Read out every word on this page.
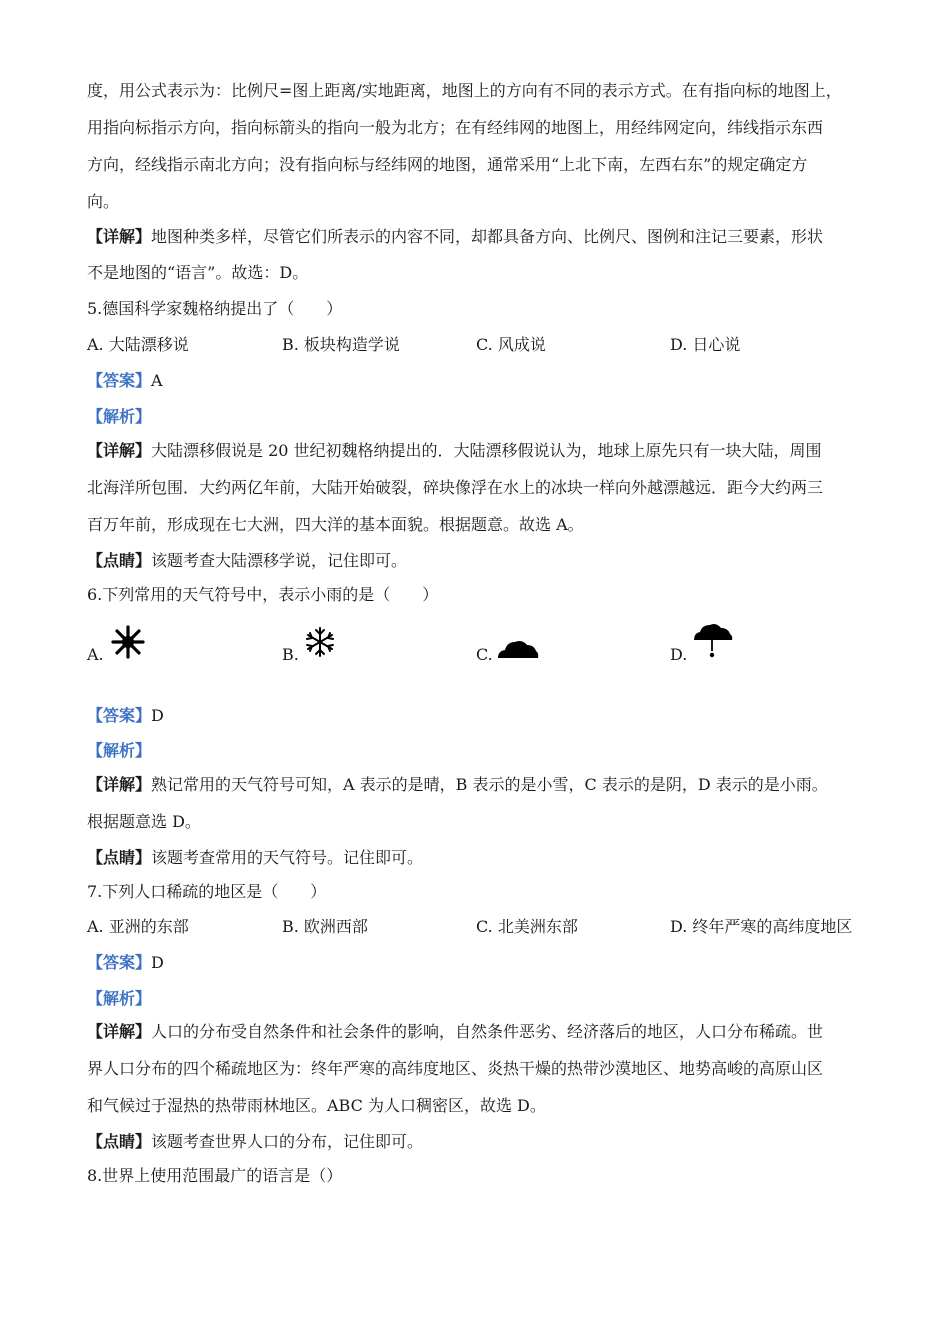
度，用公式表示为：比例尺=图上距离/实地距离，地图上的方向有不同的表示方式。在有指向标的地图上，
用指向标指示方向，指向标箭头的指向一般为北方；在有经纬网的地图上，用经纬网定向，纬线指示东西
方向，经线指示南北方向；没有指向标与经纬网的地图，通常采用“上北下南，左西右东”的规定确定方
向。
【详解】地图种类多样，尽管它们所表示的内容不同，却都具备方向、比例尺、图例和注记三要素，形状
不是地图的“语言”。故选：D。
5.德国科学家魏格纳提出了（　　）
A. 大陆漂移说	B. 板块构造学说	C. 风成说	D. 日心说
【答案】A
【解析】
【详解】大陆漂移假说是 20 世纪初魏格纳提出的．大陆漂移假说认为，地球上原先只有一块大陆，周围
北海洋所包围．大约两亿年前，大陆开始破裂，碎块像浮在水上的冰块一样向外越漂越远．距今大约两三
百万年前，形成现在七大洲，四大洋的基本面貌。根据题意。故选 A。
【点睛】该题考查大陆漂移学说，记住即可。
6.下列常用的天气符号中，表示小雨的是（　　）
A.	B.	C.	D.
【答案】D
【解析】
【详解】熟记常用的天气符号可知，A 表示的是晴，B 表示的是小雪，C 表示的是阴，D 表示的是小雨。
根据题意选 D。
【点睛】该题考查常用的天气符号。记住即可。
7.下列人口稀疏的地区是（　　）
A. 亚洲的东部	B. 欧洲西部	C. 北美洲东部	D. 终年严寒的高纬度地区
【答案】D
【解析】
【详解】人口的分布受自然条件和社会条件的影响，自然条件恶劣、经济落后的地区，人口分布稀疏。世
界人口分布的四个稀疏地区为：终年严寒的高纬度地区、炎热干燥的热带沙漠地区、地势高峻的高原山区
和气候过于湿热的热带雨林地区。ABC 为人口稠密区，故选 D。
【点睛】该题考查世界人口的分布，记住即可。
8.世界上使用范围最广的语言是（）
